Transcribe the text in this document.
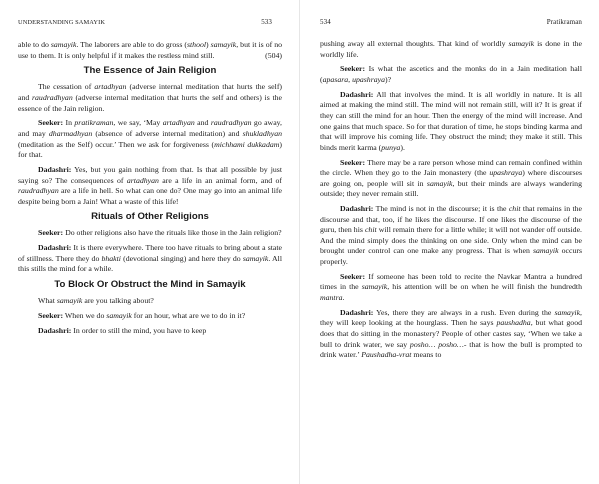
UNDERSTANDING SAMAYIK	533

able to do samayik. The laborers are able to do gross (sthool) samayik, but it is of no use to them. It is only helpful if it makes the restless mind still.	(504)

The Essence of Jain Religion

The cessation of artadhyan (adverse internal meditation that hurts the self) and raudradhyan (adverse internal meditation that hurts the self and others) is the essence of the Jain religion.

Seeker: In pratikraman, we say, ‘May artadhyan and raudradhyan go away, and may dharmadhyan (absence of adverse internal meditation) and shukladhyan (meditation as the Self) occur.’ Then we ask for forgiveness (michhami dukkadam) for that.

Dadashri: Yes, but you gain nothing from that. Is that all possible by just saying so? The consequences of artadhyan are a life in an animal form, and of raudradhyan are a life in hell. So what can one do? One may go into an animal life despite being born a Jain! What a waste of this life!

Rituals of Other Religions

Seeker: Do other religions also have the rituals like those in the Jain religion?

Dadashri: It is there everywhere. There too have rituals to bring about a state of stillness. There they do bhakti (devotional singing) and here they do samayik. All this stills the mind for a while.

To Block Or Obstruct the Mind in Samayik

What samayik are you talking about?

Seeker: When we do samayik for an hour, what are we to do in it?

Dadashri: In order to still the mind, you have to keep

534	Pratikraman

pushing away all external thoughts. That kind of worldly samayik is done in the worldly life.

Seeker: Is what the ascetics and the monks do in a Jain meditation hall (apasara, upashraya)?

Dadashri: All that involves the mind. It is all worldly in nature. It is all aimed at making the mind still. The mind will not remain still, will it? It is great if they can still the mind for an hour. Then the energy of the mind will increase. And one gains that much space. So for that duration of time, he stops binding karma and that will improve his coming life. They obstruct the mind; they make it still. This binds merit karma (punya).

Seeker: There may be a rare person whose mind can remain confined within the circle. When they go to the Jain monastery (the upashraya) where discourses are going on, people will sit in samayik, but their minds are always wandering outside; they never remain still.

Dadashri: The mind is not in the discourse; it is the chit that remains in the discourse and that, too, if he likes the discourse. If one likes the discourse of the guru, then his chit will remain there for a little while; it will not wander off outside. And the mind simply does the thinking on one side. Only when the mind can be brought under control can one make any progress. That is when samayik occurs properly.

Seeker: If someone has been told to recite the Navkar Mantra a hundred times in the samayik, his attention will be on when he will finish the hundredth mantra.

Dadashri: Yes, there they are always in a rush. Even during the samayik, they will keep looking at the hourglass. Then he says paushadha, but what good does that do sitting in the monastery? People of other castes say, ‘When we take a bull to drink water, we say posho… posho…- that is how the bull is prompted to drink water.’ Paushadha-vrat means to
